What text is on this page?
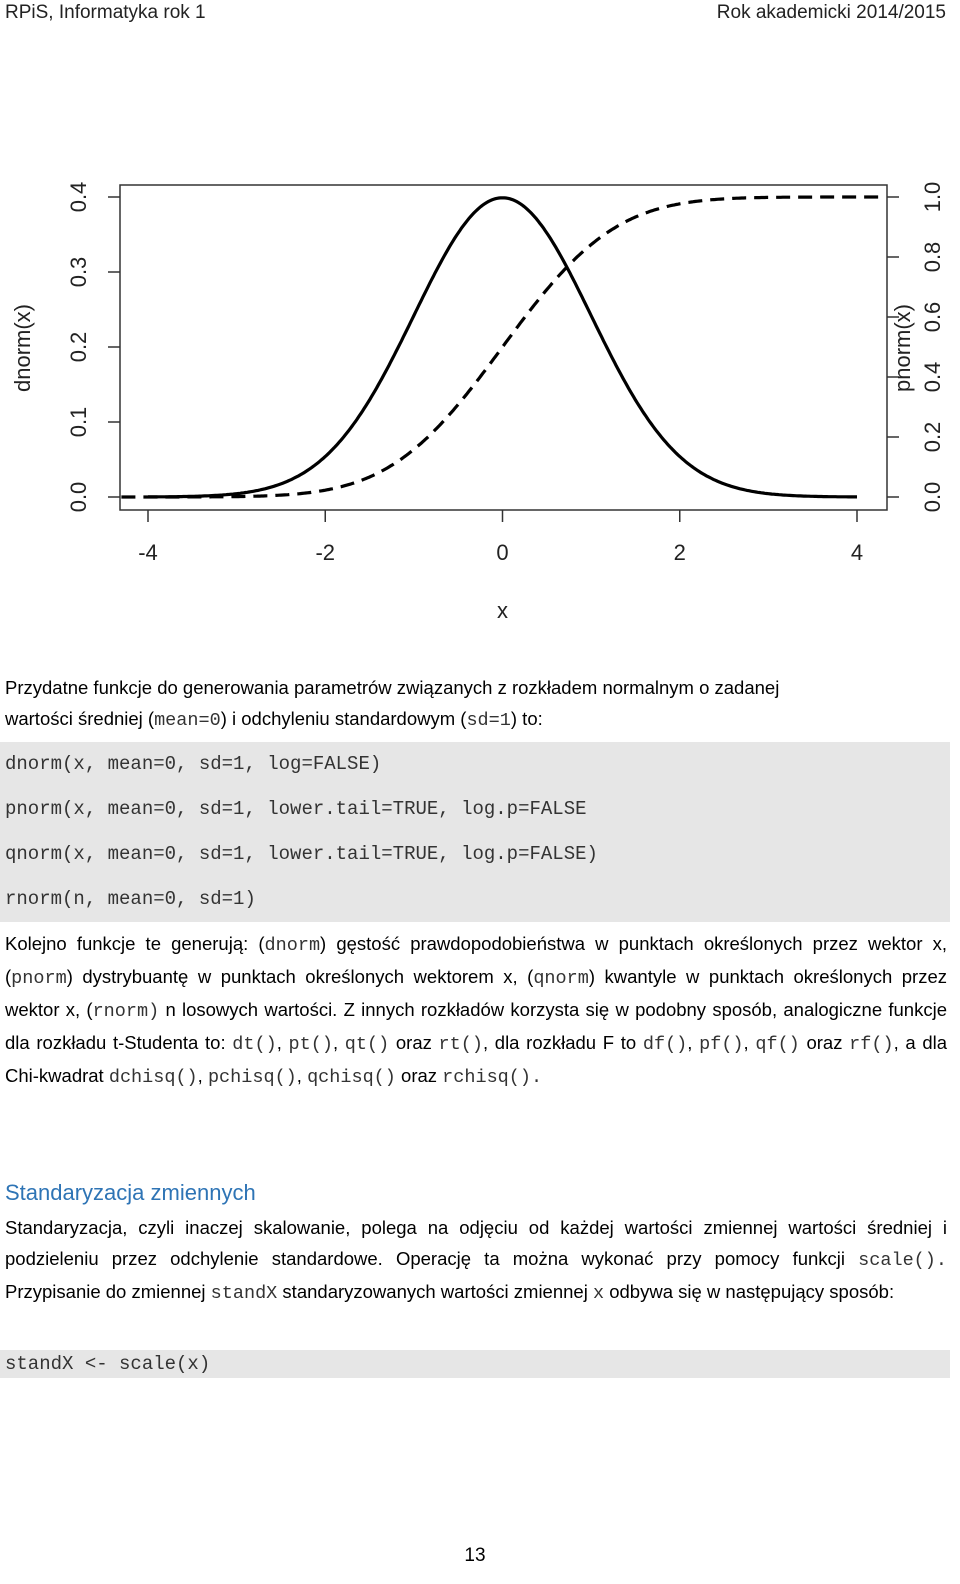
RPiS, Informatyka rok 1	Rok akademicki 2014/2015
-4	-2	0	2	4
0.0
0.1
0.2
0.3
0.4
0.0
0.2
0.4
0.6
0.8
1.0
x
dnorm(x)	pnorm(x)
Przydatne funkcje do generowania parametrów związanych z rozkładem normalnym o zadanej
wartości średniej (mean=0) i odchyleniu standardowym (sd=1) to:
dnorm(x, mean=0, sd=1, log=FALSE)
pnorm(x, mean=0, sd=1, lower.tail=TRUE, log.p=FALSE
qnorm(x, mean=0, sd=1, lower.tail=TRUE, log.p=FALSE)
rnorm(n, mean=0, sd=1)
Kolejno funkcje te generują: (dnorm) gęstość prawdopodobieństwa w punktach określonych przez wektor x, (pnorm) dystrybuantę w punktach określonych wektorem x, (qnorm) kwantyle w punktach określonych przez wektor x, (rnorm) n losowych wartości. Z innych rozkładów korzysta się w podobny sposób, analogiczne funkcje dla rozkładu t-Studenta to: dt(), pt(), qt() oraz rt(), dla rozkładu F to df(), pf(), qf() oraz rf(), a dla Chi-kwadrat dchisq(), pchisq(), qchisq() oraz rchisq().
Standaryzacja zmiennych
Standaryzacja, czyli inaczej skalowanie, polega na odjęciu od każdej wartości zmiennej wartości średniej i podzieleniu przez odchylenie standardowe. Operację ta można wykonać przy pomocy funkcji scale(). Przypisanie do zmiennej standX standaryzowanych wartości zmiennej x odbywa się w następujący sposób:
standX <- scale(x)
13
